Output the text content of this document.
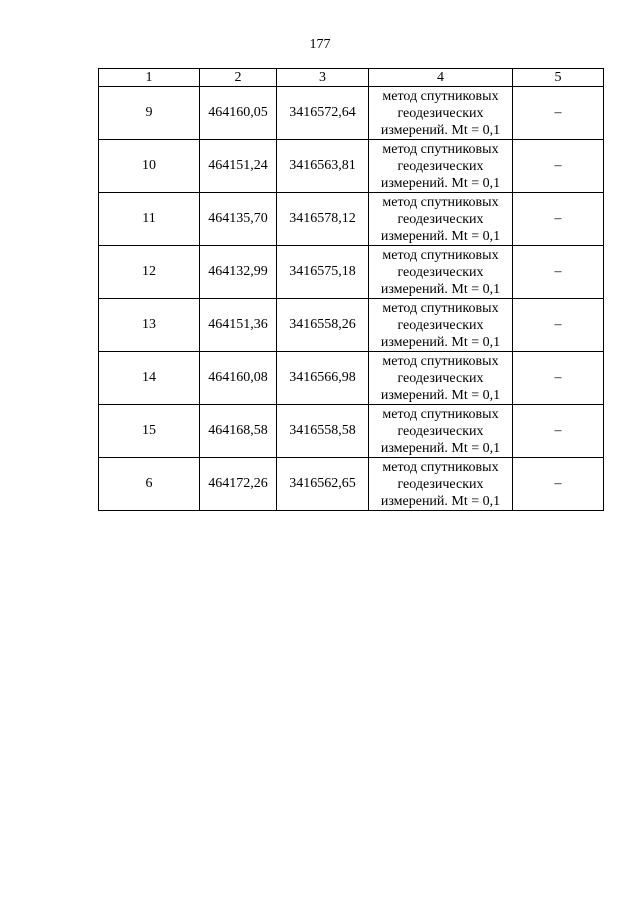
177
1	2	3	4	5
9	464160,05	3416572,64	метод спутниковых
геодезических
измерений. Mt = 0,1	–
10	464151,24	3416563,81	метод спутниковых
геодезических
измерений. Mt = 0,1	–
11	464135,70	3416578,12	метод спутниковых
геодезических
измерений. Mt = 0,1	–
12	464132,99	3416575,18	метод спутниковых
геодезических
измерений. Mt = 0,1	–
13	464151,36	3416558,26	метод спутниковых
геодезических
измерений. Mt = 0,1	–
14	464160,08	3416566,98	метод спутниковых
геодезических
измерений. Mt = 0,1	–
15	464168,58	3416558,58	метод спутниковых
геодезических
измерений. Mt = 0,1	–
6	464172,26	3416562,65	метод спутниковых
геодезических
измерений. Mt = 0,1	–
